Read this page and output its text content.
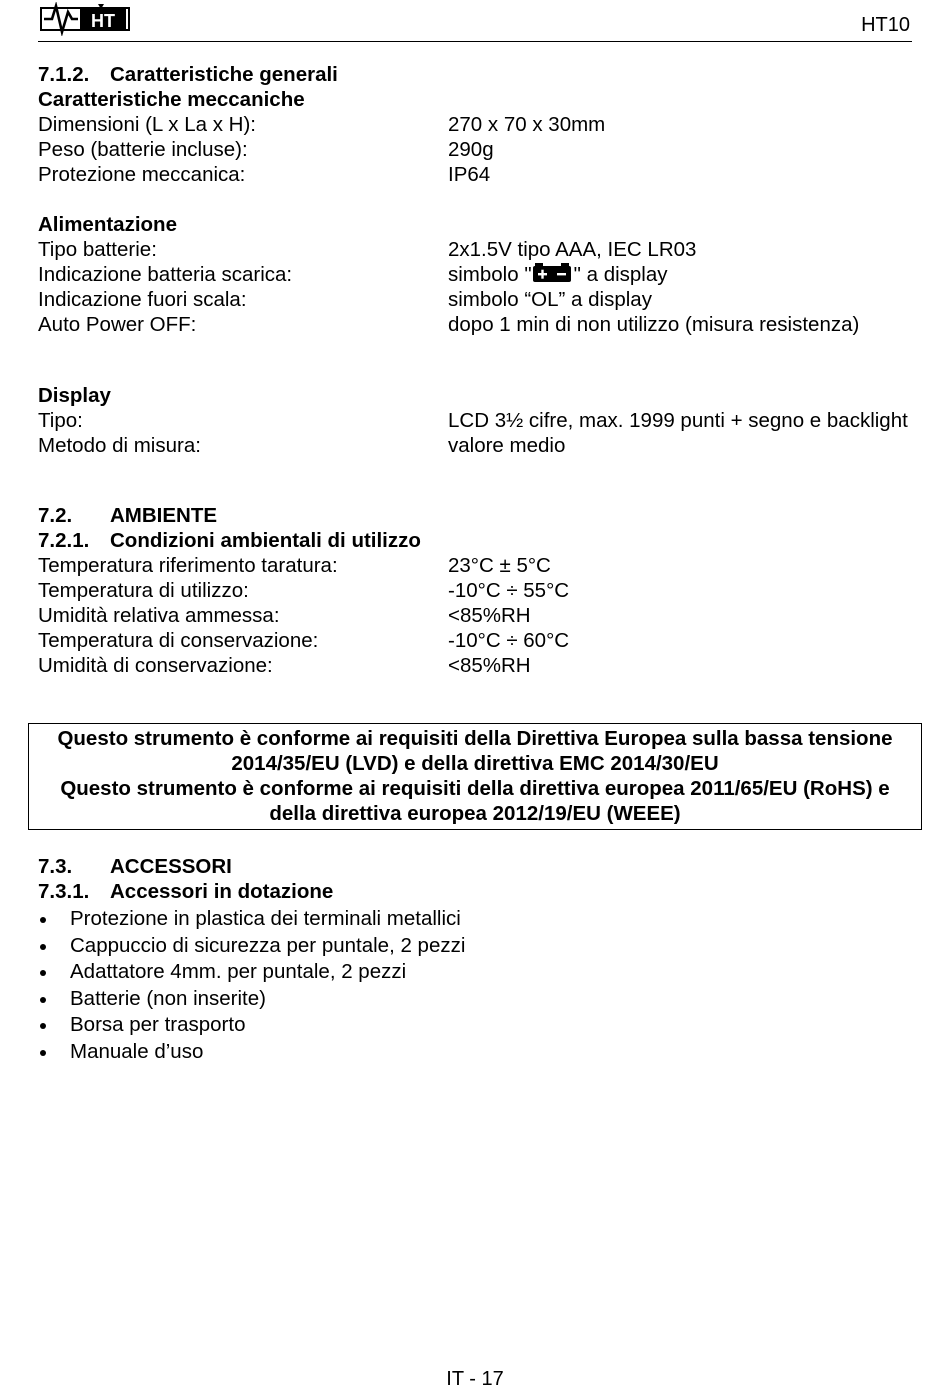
HT	HT10
7.1.2. Caratteristiche generali
Caratteristiche meccaniche
Dimensioni (L x La x H):	270 x 70 x 30mm
Peso (batterie incluse):	290g
Protezione meccanica:	IP64
Alimentazione
Tipo batterie:	2x1.5V tipo AAA, IEC LR03
Indicazione batteria scarica:	simbolo " " a display
Indicazione fuori scala:	simbolo “OL” a display
Auto Power OFF:	dopo 1 min di non utilizzo (misura resistenza)
Display
Tipo:	LCD 3½ cifre, max. 1999 punti + segno e backlight
Metodo di misura:	valore medio
7.2. AMBIENTE
7.2.1. Condizioni ambientali di utilizzo
Temperatura riferimento taratura:	23°C ± 5°C
Temperatura di utilizzo:	-10°C ÷ 55°C
Umidità relativa ammessa:	<85%RH
Temperatura di conservazione:	-10°C ÷ 60°C
Umidità di conservazione:	<85%RH
Questo strumento è conforme ai requisiti della Direttiva Europea sulla bassa tensione 2014/35/EU (LVD) e della direttiva EMC 2014/30/EU
Questo strumento è conforme ai requisiti della direttiva europea 2011/65/EU (RoHS) e della direttiva europea 2012/19/EU (WEEE)
7.3. ACCESSORI
7.3.1. Accessori in dotazione
Protezione in plastica dei terminali metallici
Cappuccio di sicurezza per puntale, 2 pezzi
Adattatore 4mm. per puntale, 2 pezzi
Batterie (non inserite)
Borsa per trasporto
Manuale d’uso
IT - 17
